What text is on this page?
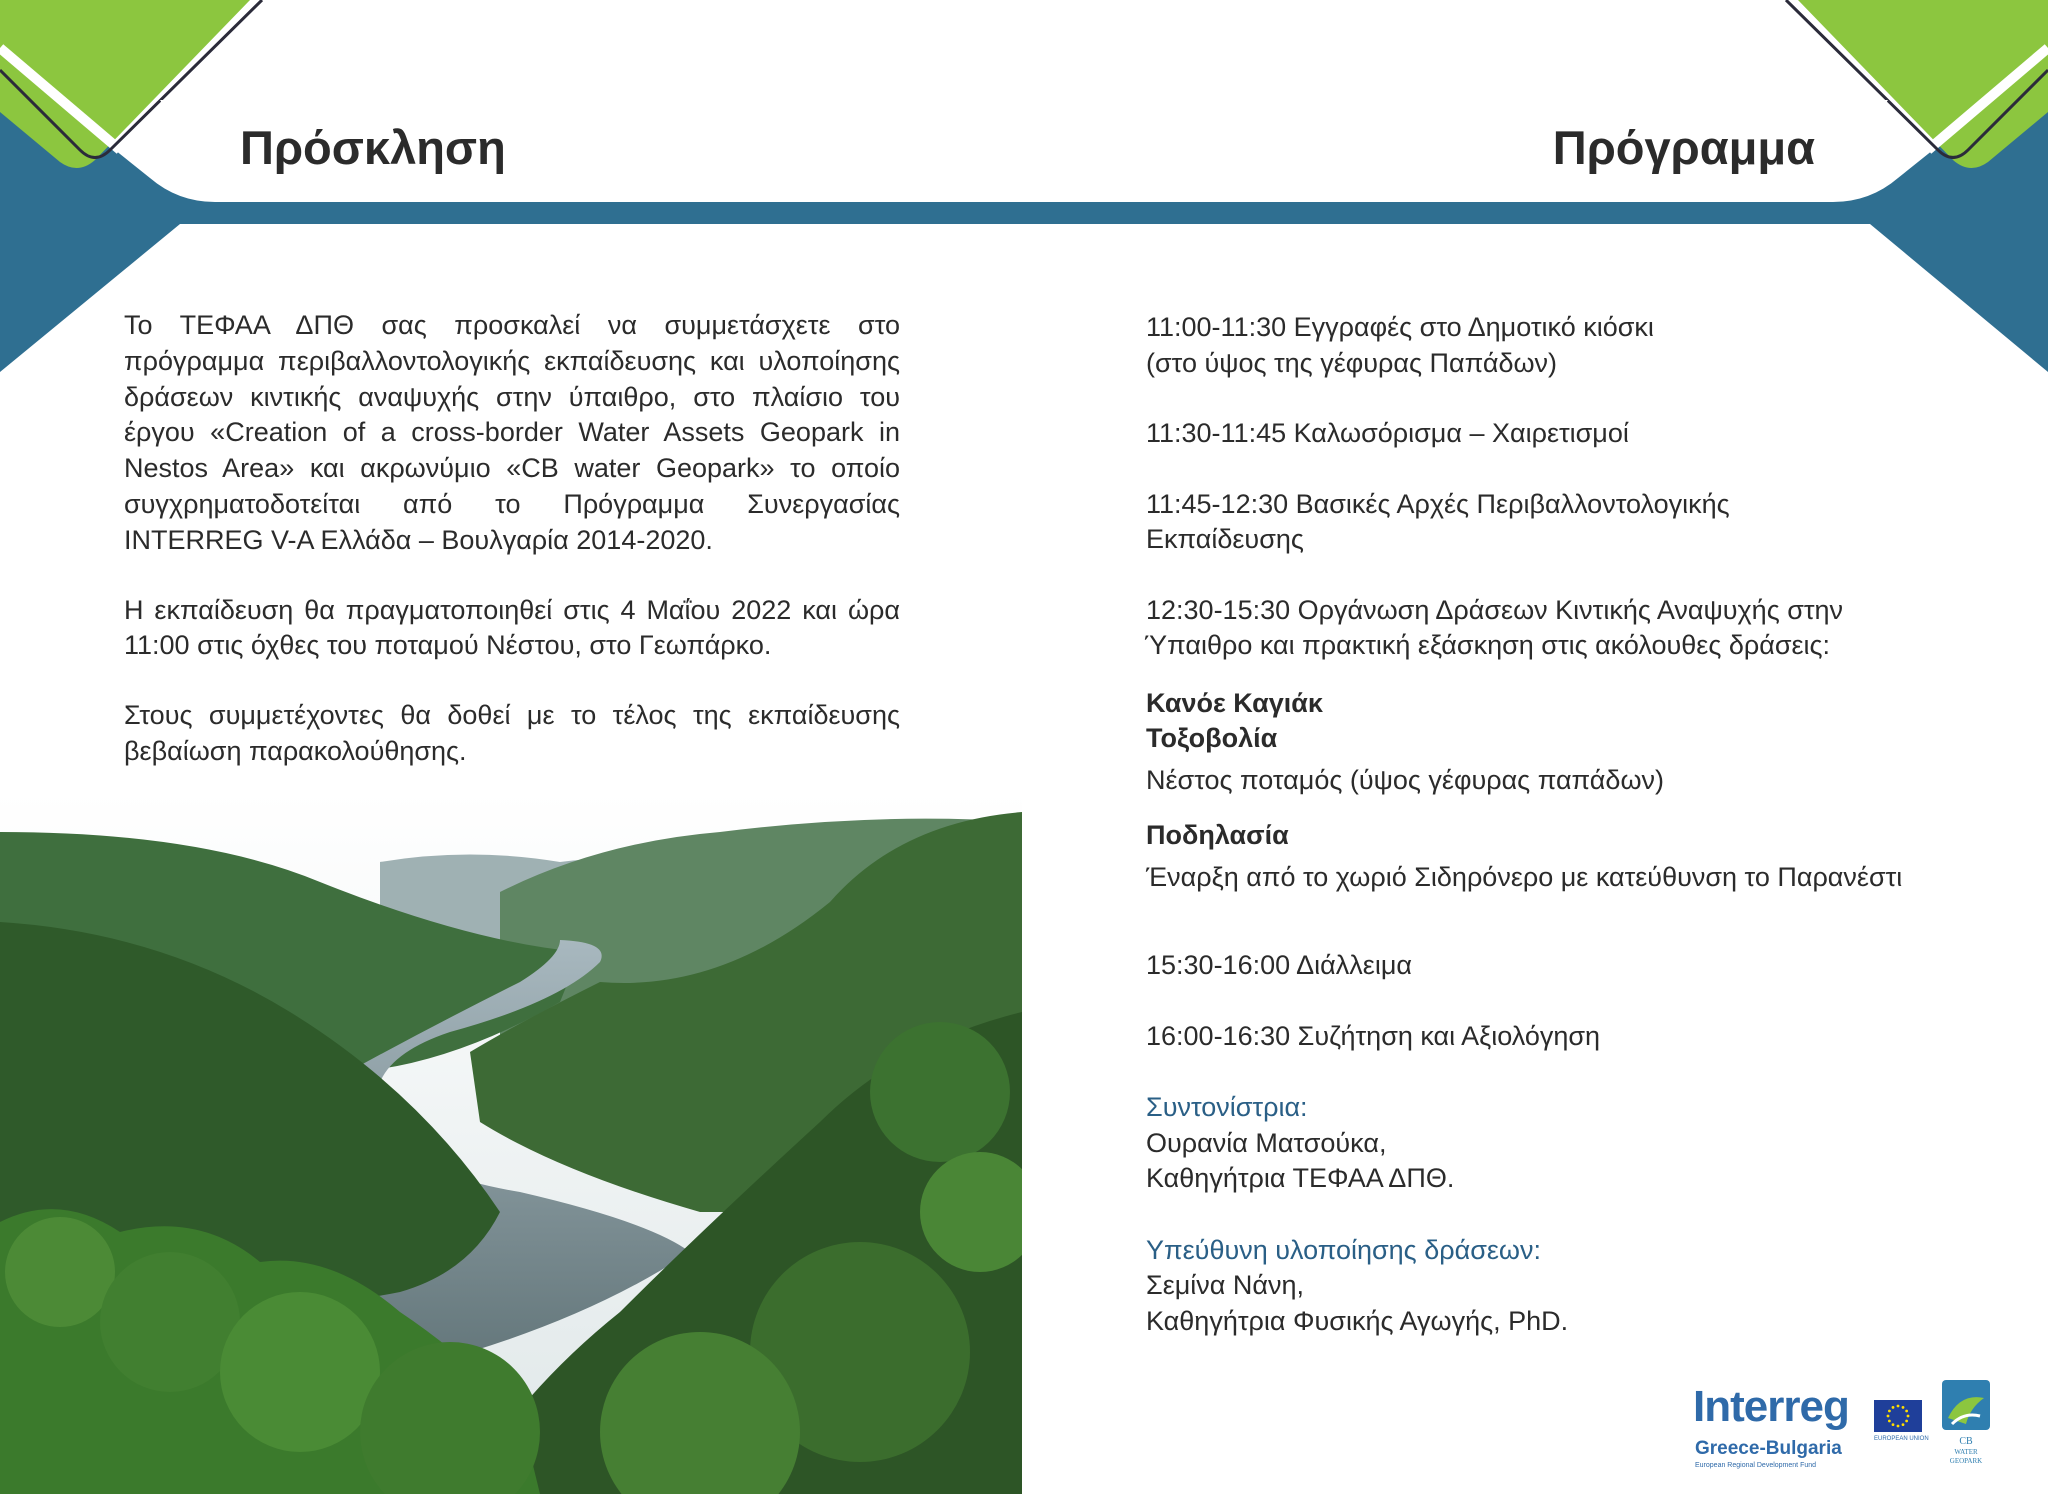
Πρόσκληση	Πρόγραμμα

Το ΤΕΦΑΑ ΔΠΘ σας προσκαλεί να συμμετάσχετε στο πρόγραμμα περιβαλλοντολογικής εκπαίδευσης και υλοποίησης δράσεων κιντικής αναψυχής στην ύπαιθρο, στο πλαίσιο του έργου «Creation of a cross-border Water Assets Geopark in Nestos Area» και ακρωνύμιο «CB water Geopark» το οποίο συγχρηματοδοτείται από το Πρόγραμμα Συνεργασίας INTERREG V-A Ελλάδα – Βουλγαρία 2014-2020.

Η εκπαίδευση θα πραγματοποιηθεί στις 4 Μαΐου 2022 και ώρα 11:00 στις όχθες του ποταμού Νέστου, στο Γεωπάρκο.

Στους συμμετέχοντες θα δοθεί με το τέλος της εκπαίδευσης βεβαίωση παρακολούθησης.

11:00-11:30 Εγγραφές στο Δημοτικό κιόσκι

(στο ύψος της γέφυρας Παπάδων)

11:30-11:45 Καλωσόρισμα – Χαιρετισμοί

11:45-12:30 Βασικές Αρχές Περιβαλλοντολογικής

Εκπαίδευσης

12:30-15:30 Οργάνωση Δράσεων Κιντικής Αναψυχής στην

Ύπαιθρο και πρακτική εξάσκηση στις ακόλουθες δράσεις:

Κανόε Καγιάκ

Τοξοβολία

Νέστος ποταμός (ύψος γέφυρας παπάδων)

Ποδηλασία

Έναρξη από το χωριό Σιδηρόνερο με κατεύθυνση το Παρανέστι

15:30-16:00 Διάλλειμα

16:00-16:30 Συζήτηση και Αξιολόγηση

Συντονίστρια:

Ουρανία Ματσούκα,

Καθηγήτρια ΤΕΦΑΑ ΔΠΘ.

Υπεύθυνη υλοποίησης δράσεων:

Σεμίνα Νάνη,

Καθηγήτρια Φυσικής Αγωγής, PhD.

Interreg
Greece-Bulgaria
European Regional Development Fund
EUROPEAN UNION	CB
WATER
GEOPARK
